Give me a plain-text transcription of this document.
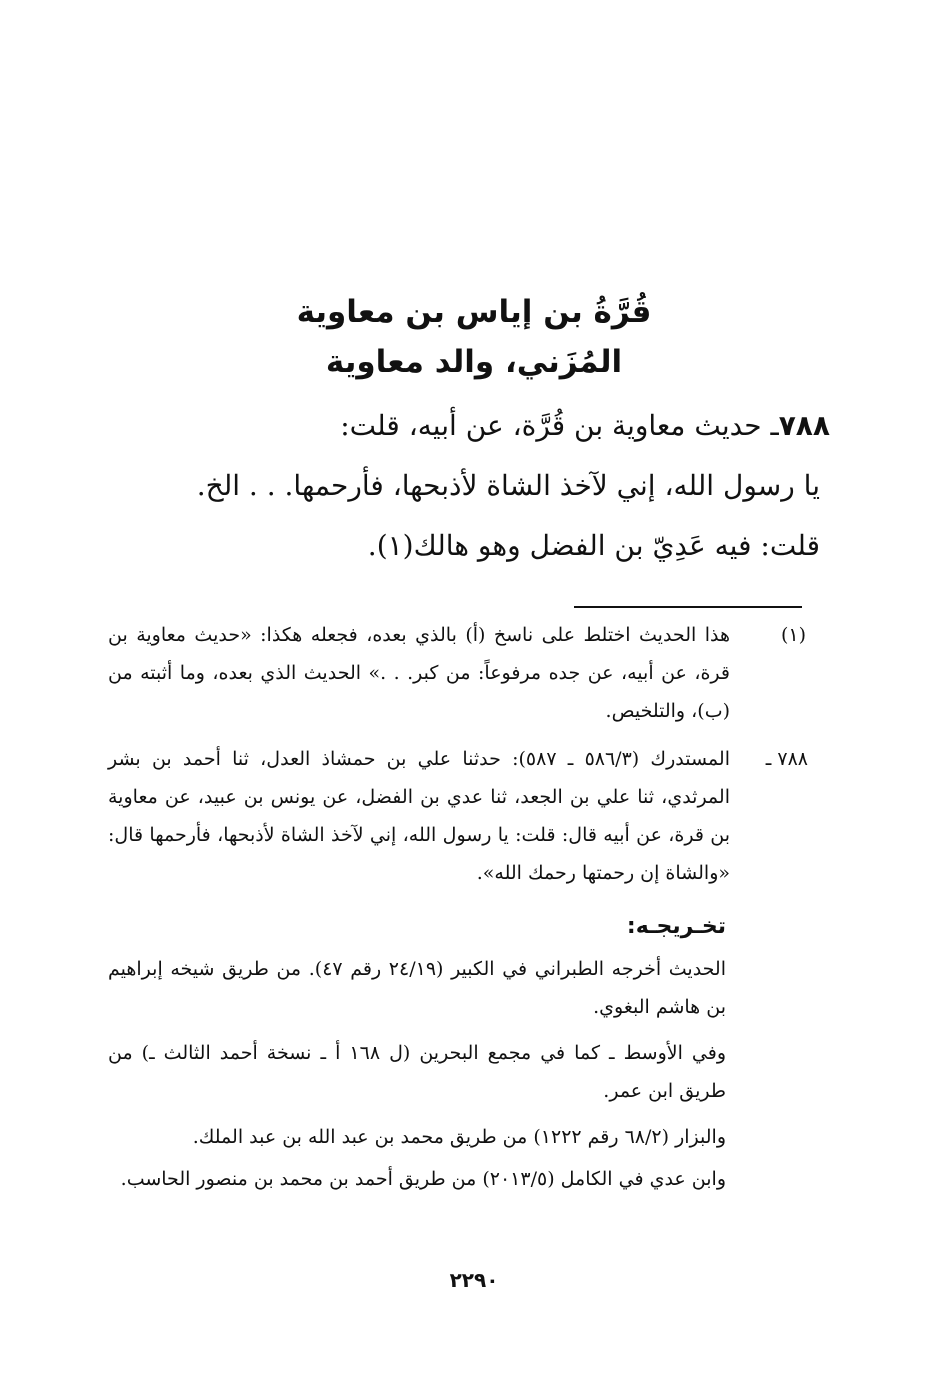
قُرَّةُ بن إياس بن معاوية
المُزَني، والد معاوية
٧٨٨ـ حديث معاوية بن قُرَّة، عن أبيه، قلت:
يا رسول الله، إني لآخذ الشاة لأذبحها، فأرحمها. . . الخ.
قلت: فيه عَدِيّ بن الفضل وهو هالك(١).
(١)
هذا الحديث اختلط على ناسخ (أ) بالذي بعده، فجعله هكذا: «حديث معاوية بن قرة، عن أبيه، عن جده مرفوعاً: من كبر. . .» الحديث الذي بعده، وما أثبته من (ب)، والتلخيص.
٧٨٨ ـ
المستدرك (٥٨٦/٣ ـ ٥٨٧): حدثنا علي بن حمشاذ العدل، ثنا أحمد بن بشر المرثدي، ثنا علي بن الجعد، ثنا عدي بن الفضل، عن يونس بن عبيد، عن معاوية بن قرة، عن أبيه قال: قلت: يا رسول الله، إني لآخذ الشاة لأذبحها، فأرحمها قال: «والشاة إن رحمتها رحمك الله».
تخـريجـه:
الحديث أخرجه الطبراني في الكبير (٢٤/١٩ رقم ٤٧). من طريق شيخه إبراهيم بن هاشم البغوي.
وفي الأوسط ـ كما في مجمع البحرين (ل ١٦٨ أ ـ نسخة أحمد الثالث ـ) من طريق ابن عمر.
والبزار (٦٨/٢ رقم ١٢٢٢) من طريق محمد بن عبد الله بن عبد الملك.
وابن عدي في الكامل (٢٠١٣/٥) من طريق أحمد بن محمد بن منصور الحاسب.
٢٢٩٠
